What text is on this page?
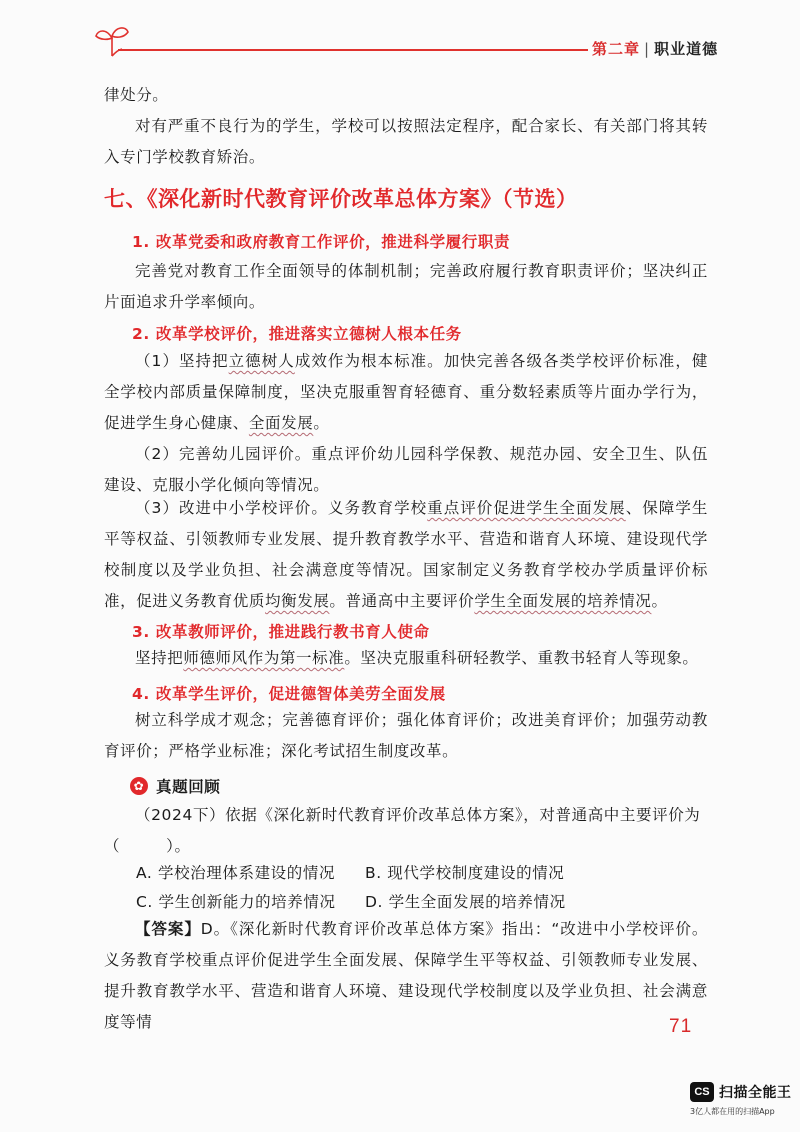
第二章 | 职业道德

律处分。

对有严重不良行为的学生，学校可以按照法定程序，配合家长、有关部门将其转入专门学校教育矫治。

七、《深化新时代教育评价改革总体方案》（节选）
1. 改革党委和政府教育工作评价，推进科学履行职责

完善党对教育工作全面领导的体制机制；完善政府履行教育职责评价；坚决纠正片面追求升学率倾向。

2. 改革学校评价，推进落实立德树人根本任务

（1）坚持把立德树人成效作为根本标准。加快完善各级各类学校评价标准，健全学校内部质量保障制度，坚决克服重智育轻德育、重分数轻素质等片面办学行为，促进学生身心健康、全面发展。

（2）完善幼儿园评价。重点评价幼儿园科学保教、规范办园、安全卫生、队伍建设、克服小学化倾向等情况。

（3）改进中小学校评价。义务教育学校重点评价促进学生全面发展、保障学生平等权益、引领教师专业发展、提升教育教学水平、营造和谐育人环境、建设现代学校制度以及学业负担、社会满意度等情况。国家制定义务教育学校办学质量评价标准，促进义务教育优质均衡发展。普通高中主要评价学生全面发展的培养情况。

3. 改革教师评价，推进践行教书育人使命

坚持把师德师风作为第一标准。坚决克服重科研轻教学、重教书轻育人等现象。

4. 改革学生评价，促进德智体美劳全面发展

树立科学成才观念；完善德育评价；强化体育评价；改进美育评价；加强劳动教育评价；严格学业标准；深化考试招生制度改革。

✿ 真题回顾

（2024下）依据《深化新时代教育评价改革总体方案》，对普通高中主要评价为
（	）。

A. 学校治理体系建设的情况 B. 现代学校制度建设的情况
C. 学生创新能力的培养情况 D. 学生全面发展的培养情况

【答案】D。《深化新时代教育评价改革总体方案》指出：“改进中小学校评价。义务教育学校重点评价促进学生全面发展、保障学生平等权益、引领教师专业发展、提升教育教学水平、营造和谐育人环境、建设现代学校制度以及学业负担、社会满意度等情	71
CS 扫描全能王
3亿人都在用的扫描App
